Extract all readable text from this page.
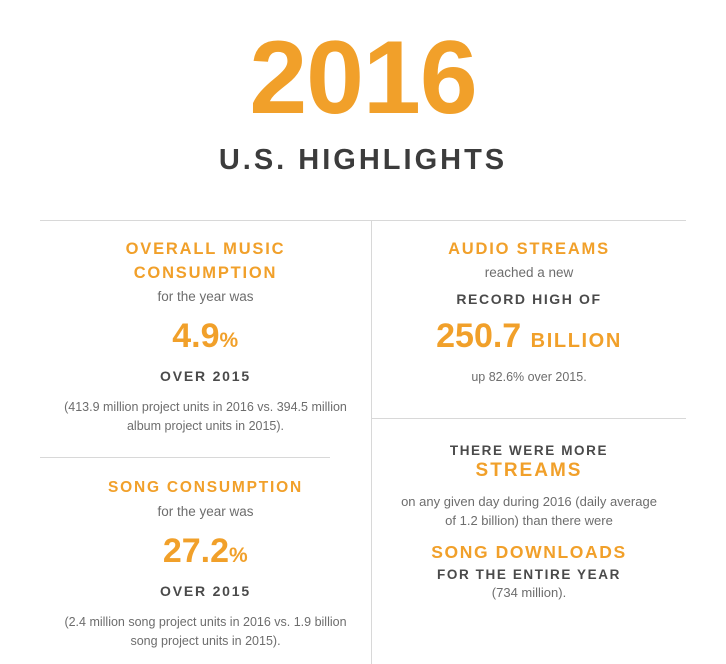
2016
U.S. HIGHLIGHTS
OVERALL MUSIC
CONSUMPTION
for the year was
4.9%
OVER 2015
(413.9 million project units in 2016 vs. 394.5 million album project units in 2015).
SONG CONSUMPTION
for the year was
27.2%
OVER 2015
(2.4 million song project units in 2016 vs. 1.9 billion song project units in 2015).
AUDIO STREAMS
reached a new
RECORD HIGH OF
250.7 BILLION
up 82.6% over 2015.
THERE WERE MORE
STREAMS
on any given day during 2016 (daily average of 1.2 billion) than there were
SONG DOWNLOADS
FOR THE ENTIRE YEAR
(734 million).
